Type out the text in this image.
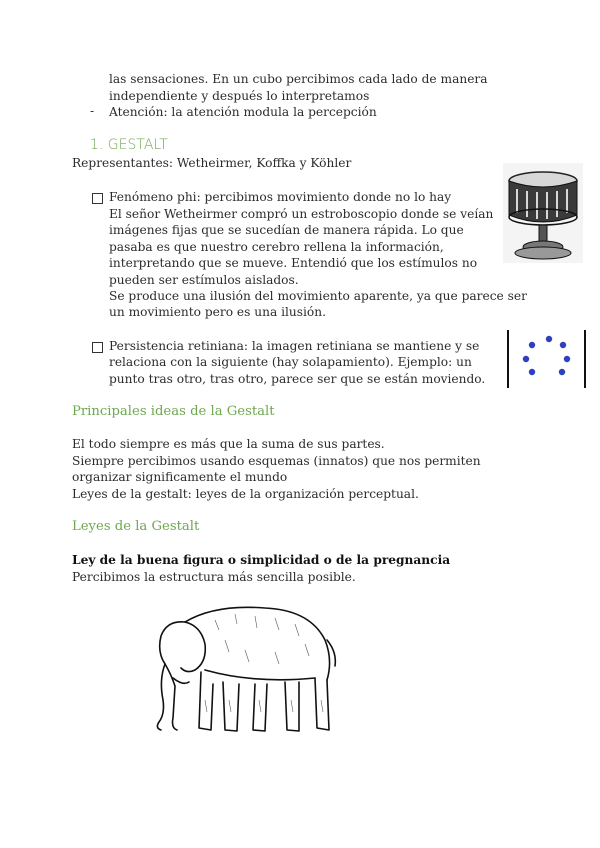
las sensaciones. En un cubo percibimos cada lado de manera
independiente y después lo interpretamos
- Atención: la atención modula la percepción
1. GESTALT
Representantes: Wetheirmer, Koffka y Köhler
Fenómeno phi: percibimos movimiento donde no lo hay
El señor Wetheirmer compró un estroboscopio donde se veían
imágenes fijas que se sucedían de manera rápida. Lo que
pasaba es que nuestro cerebro rellena la información,
interpretando que se mueve. Entendió que los estímulos no
pueden ser estímulos aislados.
Se produce una ilusión del movimiento aparente, ya que parece ser
un movimiento pero es una ilusión.
Persistencia retiniana: la imagen retiniana se mantiene y se
relaciona con la siguiente (hay solapamiento). Ejemplo: un
punto tras otro, tras otro, parece ser que se están moviendo.
Principales ideas de la Gestalt
El todo siempre es más que la suma de sus partes.
Siempre percibimos usando esquemas (innatos) que nos permiten
organizar significamente el mundo
Leyes de la gestalt: leyes de la organización perceptual.
Leyes de la Gestalt
Ley de la buena figura o simplicidad o de la pregnancia
Percibimos la estructura más sencilla posible.
